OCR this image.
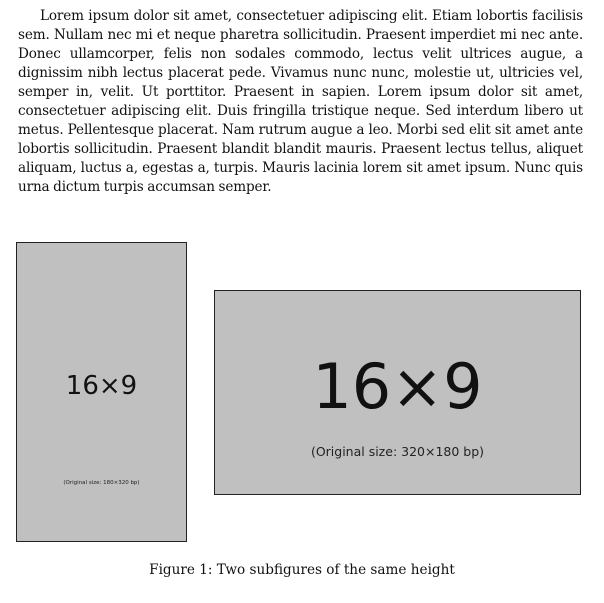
Lorem ipsum dolor sit amet, consectetuer adipiscing elit. Etiam lobortis facilisis sem. Nullam nec mi et neque pharetra sollicitudin. Praesent imperdiet mi nec ante. Donec ullamcorper, felis non sodales commodo, lectus velit ultrices augue, a dignissim nibh lectus placerat pede. Vivamus nunc nunc, molestie ut, ultricies vel, semper in, velit. Ut porttitor. Praesent in sapien. Lorem ipsum dolor sit amet, consectetuer adipiscing elit. Duis fringilla tristique neque. Sed interdum libero ut metus. Pellentesque placerat. Nam rutrum augue a leo. Morbi sed elit sit amet ante lobortis sollicitudin. Praesent blandit blandit mauris. Praesent lectus tellus, aliquet aliquam, luctus a, egestas a, turpis. Mauris lacinia lorem sit amet ipsum. Nunc quis urna dictum turpis accumsan semper.

16×9
(Original size: 180×320 bp)
16×9
(Original size: 320×180 bp)
Figure 1: Two subfigures of the same height
